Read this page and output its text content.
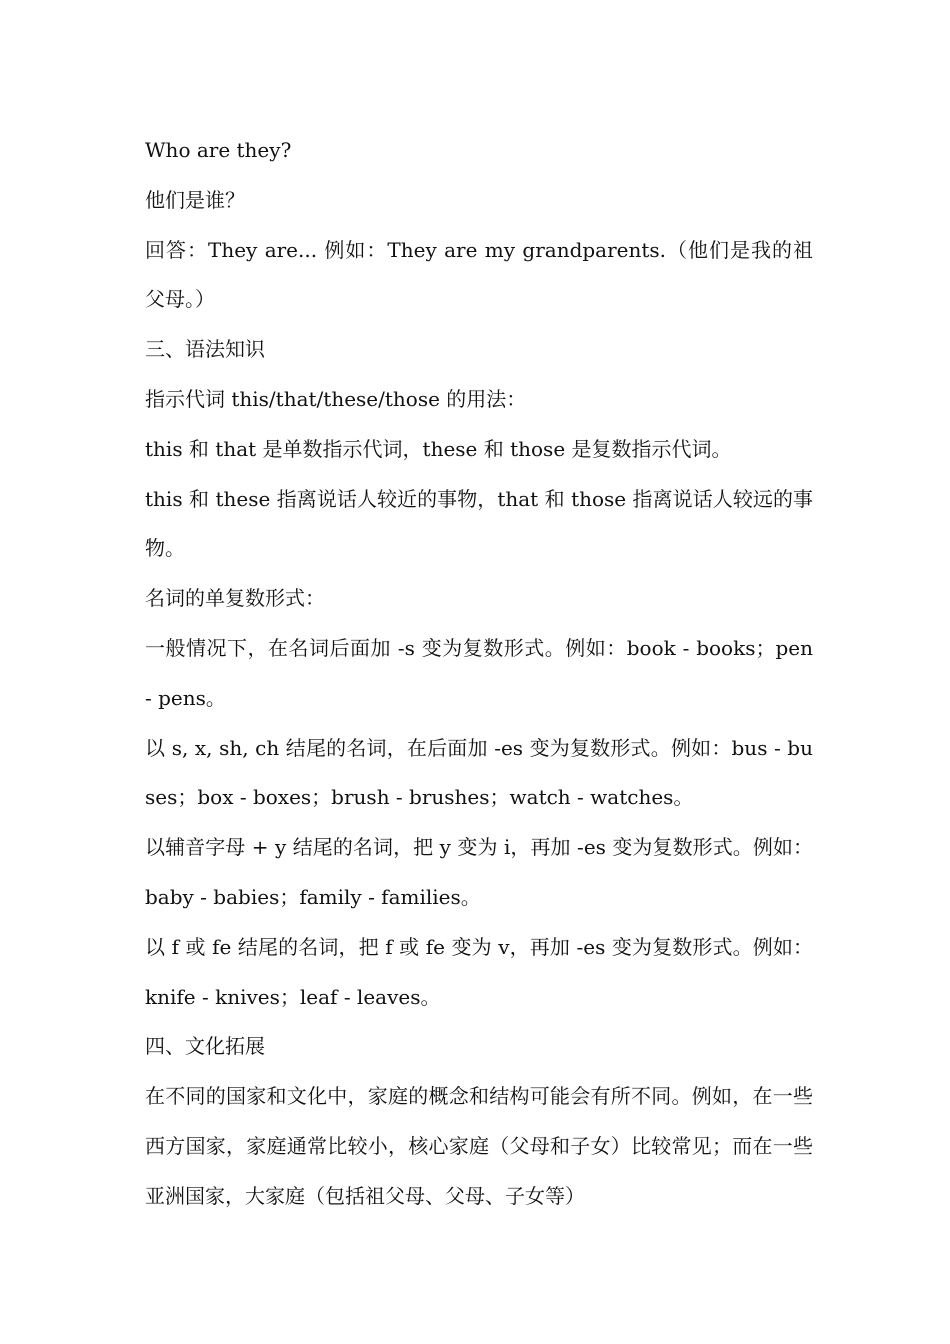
Who are they?

他们是谁？

回答：They are... 例如：They are my grandparents.（他们是我的祖父母。）

三、语法知识

指示代词 this/that/these/those 的用法：

this 和 that 是单数指示代词，these 和 those 是复数指示代词。

this 和 these 指离说话人较近的事物，that 和 those 指离说话人较远的事物。

名词的单复数形式：

一般情况下，在名词后面加 -s 变为复数形式。例如：book - books；pen - pens。

以 s, x, sh, ch 结尾的名词，在后面加 -es 变为复数形式。例如：bus - buses；box - boxes；brush - brushes；watch - watches。

以辅音字母 + y 结尾的名词，把 y 变为 i，再加 -es 变为复数形式。例如：baby - babies；family - families。

以 f 或 fe 结尾的名词，把 f 或 fe 变为 v，再加 -es 变为复数形式。例如：knife - knives；leaf - leaves。

四、文化拓展

在不同的国家和文化中，家庭的概念和结构可能会有所不同。例如，在一些西方国家，家庭通常比较小，核心家庭（父母和子女）比较常见；而在一些亚洲国家，大家庭（包括祖父母、父母、子女等）
